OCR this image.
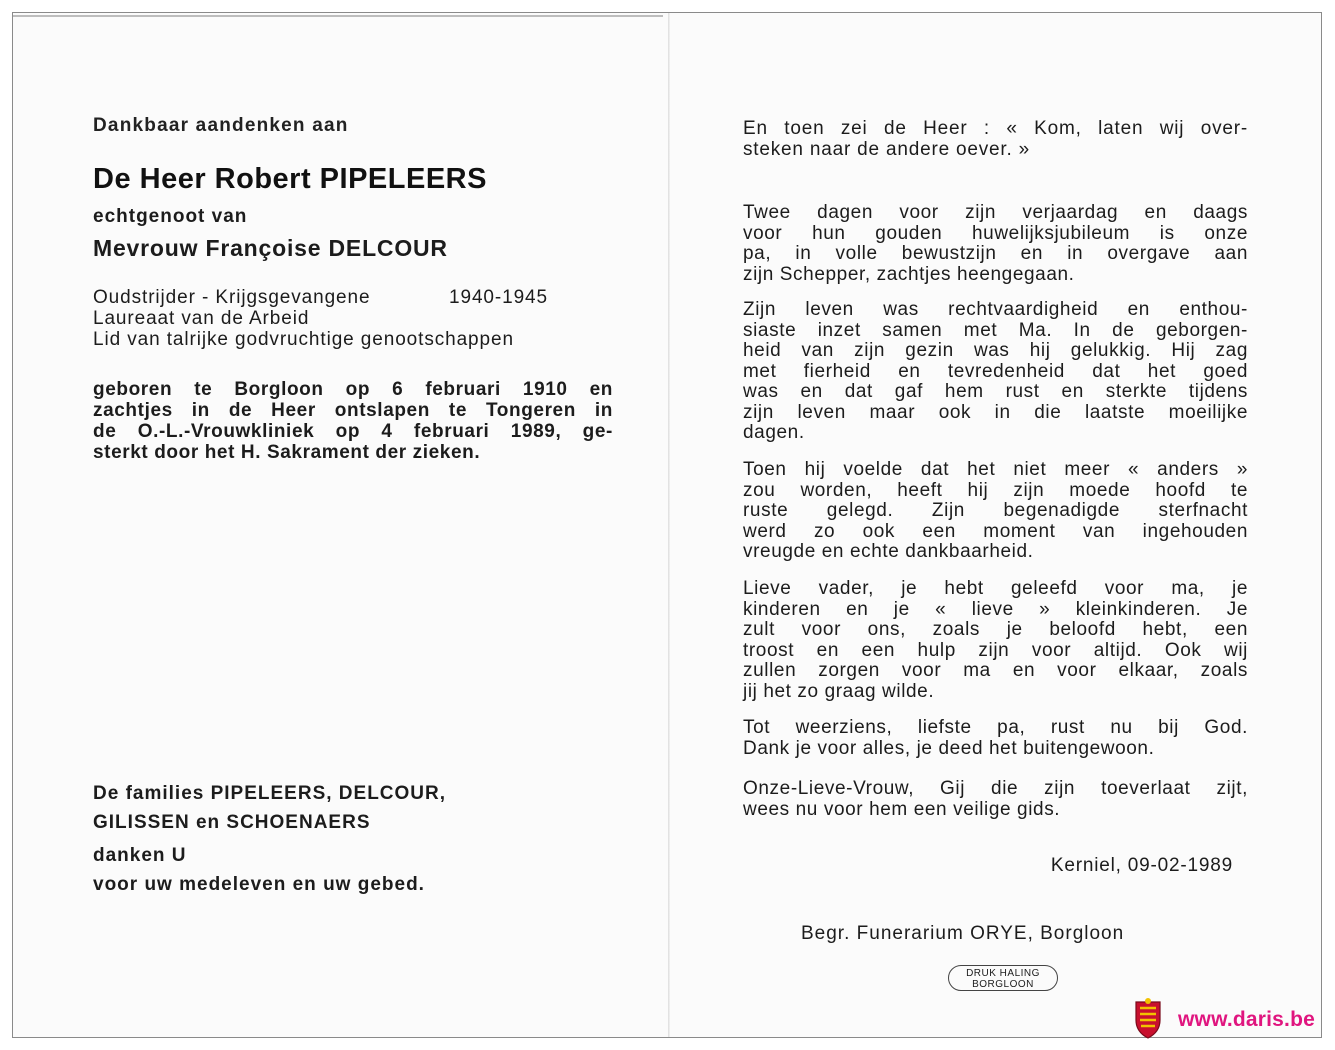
Dankbaar aandenken aan

De Heer Robert PIPELEERS

echtgenoot van

Mevrouw Françoise DELCOUR

Oudstrijder - Krijgsgevangene	1940-1945
Laureaat van de Arbeid
Lid van talrijke godvruchtige genootschappen
geboren te Borgloon op 6 februari 1910 en
zachtjes in de Heer ontslapen te Tongeren in
de O.-L.-Vrouwkliniek op 4 februari 1989, ge-
sterkt door het H. Sakrament der zieken.
De families PIPELEERS, DELCOUR,
GILISSEN en SCHOENAERS
danken U
voor uw medeleven en uw gebed.
En toen zei de Heer : « Kom, laten wij over-
steken naar de andere oever. »
Twee dagen voor zijn verjaardag en daags
voor hun gouden huwelijksjubileum is onze
pa, in volle bewustzijn en in overgave aan
zijn Schepper, zachtjes heengegaan.
Zijn leven was rechtvaardigheid en enthou-
siaste inzet samen met Ma. In de geborgen-
heid van zijn gezin was hij gelukkig. Hij zag
met fierheid en tevredenheid dat het goed
was en dat gaf hem rust en sterkte tijdens
zijn leven maar ook in die laatste moeilijke
dagen.
Toen hij voelde dat het niet meer « anders »
zou worden, heeft hij zijn moede hoofd te
ruste gelegd. Zijn begenadigde sterfnacht
werd zo ook een moment van ingehouden
vreugde en echte dankbaarheid.
Lieve vader, je hebt geleefd voor ma, je
kinderen en je « lieve » kleinkinderen. Je
zult voor ons, zoals je beloofd hebt, een
troost en een hulp zijn voor altijd. Ook wij
zullen zorgen voor ma en voor elkaar, zoals
jij het zo graag wilde.
Tot weerziens, liefste pa, rust nu bij God.
Dank je voor alles, je deed het buitengewoon.
Onze-Lieve-Vrouw, Gij die zijn toeverlaat zijt,
wees nu voor hem een veilige gids.

Kerniel, 09-02-1989

Begr. Funerarium ORYE, Borgloon

DRUK HALING
BORGLOON
www.daris.be
